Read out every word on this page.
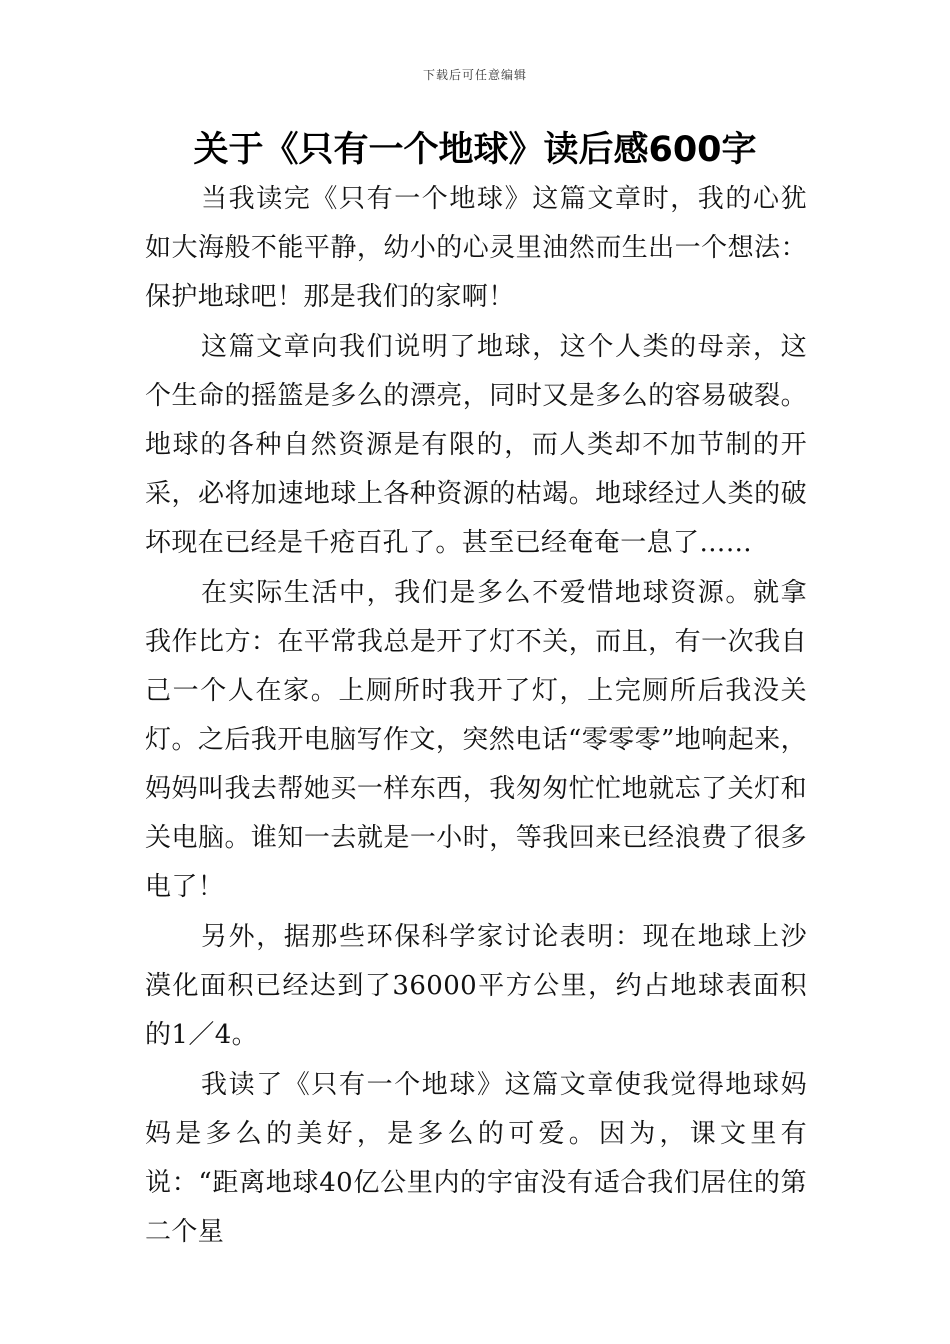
下载后可任意编辑
关于《只有一个地球》读后感600字

当我读完《只有一个地球》这篇文章时，我的心犹如大海般不能平静，幼小的心灵里油然而生出一个想法：保护地球吧！那是我们的家啊！

这篇文章向我们说明了地球，这个人类的母亲，这个生命的摇篮是多么的漂亮，同时又是多么的容易破裂。地球的各种自然资源是有限的，而人类却不加节制的开采，必将加速地球上各种资源的枯竭。地球经过人类的破坏现在已经是千疮百孔了。甚至已经奄奄一息了……

在实际生活中，我们是多么不爱惜地球资源。就拿我作比方：在平常我总是开了灯不关，而且，有一次我自己一个人在家。上厕所时我开了灯，上完厕所后我没关灯。之后我开电脑写作文，突然电话“零零零”地响起来，妈妈叫我去帮她买一样东西，我匆匆忙忙地就忘了关灯和关电脑。谁知一去就是一小时，等我回来已经浪费了很多电了！

另外，据那些环保科学家讨论表明：现在地球上沙漠化面积已经达到了36000平方公里，约占地球表面积的1／4。

我读了《只有一个地球》这篇文章使我觉得地球妈妈是多么的美好，是多么的可爱。因为，课文里有说：“距离地球40亿公里内的宇宙没有适合我们居住的第二个星
